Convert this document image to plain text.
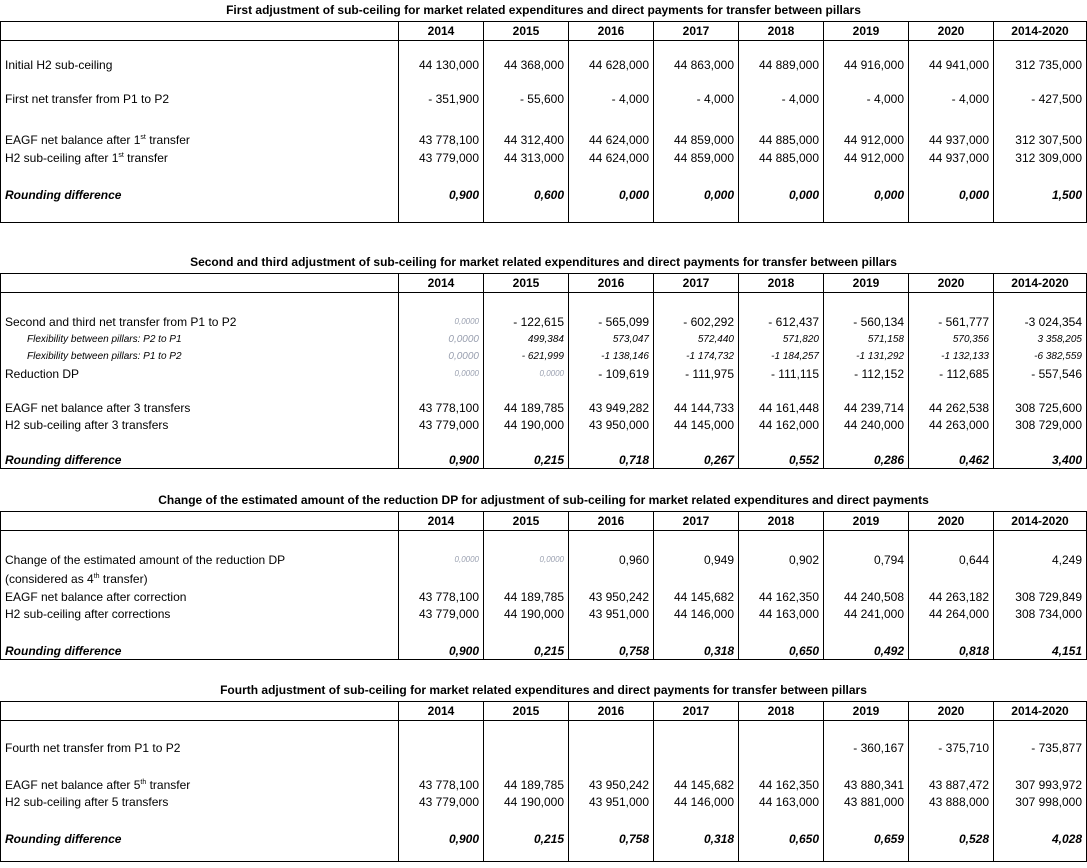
First adjustment of sub-ceiling for market related expenditures and direct payments for transfer between pillars
	2014	2015	2016	2017	2018	2019	2020	2014-2020

Initial H2 sub-ceiling	44 130,000	44 368,000	44 628,000	44 863,000	44 889,000	44 916,000	44 941,000	312 735,000

First net transfer from P1 to P2	- 351,900	- 55,600	- 4,000	- 4,000	- 4,000	- 4,000	- 4,000	- 427,500

EAGF net balance after 1st transfer	43 778,100	44 312,400	44 624,000	44 859,000	44 885,000	44 912,000	44 937,000	312 307,500
H2 sub-ceiling after 1st transfer	43 779,000	44 313,000	44 624,000	44 859,000	44 885,000	44 912,000	44 937,000	312 309,000

Rounding difference	0,900	0,600	0,000	0,000	0,000	0,000	0,000	1,500

Second and third adjustment of sub-ceiling for market related expenditures and direct payments for transfer between pillars
	2014	2015	2016	2017	2018	2019	2020	2014-2020

Second and third net transfer from P1 to P2	0,0000	- 122,615	- 565,099	- 602,292	- 612,437	- 560,134	- 561,777	-3 024,354
Flexibility between pillars: P2 to P1	0,0000	499,384	573,047	572,440	571,820	571,158	570,356	3 358,205
Flexibility between pillars: P1 to P2	0,0000	- 621,999	-1 138,146	-1 174,732	-1 184,257	-1 131,292	-1 132,133	-6 382,559
Reduction DP	0,0000	0,0000	- 109,619	- 111,975	- 111,115	- 112,152	- 112,685	- 557,546

EAGF net balance after 3 transfers	43 778,100	44 189,785	43 949,282	44 144,733	44 161,448	44 239,714	44 262,538	308 725,600
H2 sub-ceiling after 3 transfers	43 779,000	44 190,000	43 950,000	44 145,000	44 162,000	44 240,000	44 263,000	308 729,000

Rounding difference	0,900	0,215	0,718	0,267	0,552	0,286	0,462	3,400
Change of the estimated amount of the reduction DP for adjustment of sub-ceiling for market related expenditures and direct payments
	2014	2015	2016	2017	2018	2019	2020	2014-2020

Change of the estimated amount of the reduction DP	0,0000	0,0000	0,960	0,949	0,902	0,794	0,644	4,249
(considered as 4th transfer)								
EAGF net balance after correction	43 778,100	44 189,785	43 950,242	44 145,682	44 162,350	44 240,508	44 263,182	308 729,849
H2 sub-ceiling after corrections	43 779,000	44 190,000	43 951,000	44 146,000	44 163,000	44 241,000	44 264,000	308 734,000

Rounding difference	0,900	0,215	0,758	0,318	0,650	0,492	0,818	4,151
Fourth adjustment of sub-ceiling for market related expenditures and direct payments for transfer between pillars
	2014	2015	2016	2017	2018	2019	2020	2014-2020

Fourth net transfer from P1 to P2						- 360,167	- 375,710	- 735,877

EAGF net balance after 5th transfer	43 778,100	44 189,785	43 950,242	44 145,682	44 162,350	43 880,341	43 887,472	307 993,972
H2 sub-ceiling after 5 transfers	43 779,000	44 190,000	43 951,000	44 146,000	44 163,000	43 881,000	43 888,000	307 998,000

Rounding difference	0,900	0,215	0,758	0,318	0,650	0,659	0,528	4,028
